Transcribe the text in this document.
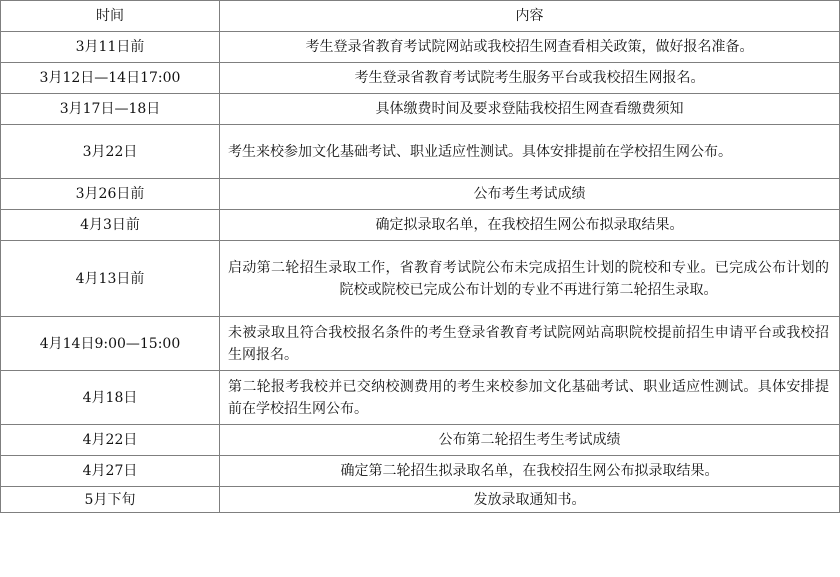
时间	内容
3月11日前	考生登录省教育考试院网站或我校招生网查看相关政策，做好报名准备。
3月12日—14日17:00	考生登录省教育考试院考生服务平台或我校招生网报名。
3月17日—18日	具体缴费时间及要求登陆我校招生网查看缴费须知
3月22日	考生来校参加文化基础考试、职业适应性测试。具体安排提前在学校招生网公布。
3月26日前	公布考生考试成绩
4月3日前	确定拟录取名单，在我校招生网公布拟录取结果。
4月13日前	启动第二轮招生录取工作，省教育考试院公布未完成招生计划的院校和专业。已完成公布计划的院校或院校已完成公布计划的专业不再进行第二轮招生录取。
4月14日9:00—15:00	未被录取且符合我校报名条件的考生登录省教育考试院网站高职院校提前招生申请平台或我校招生网报名。
4月18日	第二轮报考我校并已交纳校测费用的考生来校参加文化基础考试、职业适应性测试。具体安排提前在学校招生网公布。
4月22日	公布第二轮招生考生考试成绩
4月27日	确定第二轮招生拟录取名单，在我校招生网公布拟录取结果。
5月下旬	发放录取通知书。
